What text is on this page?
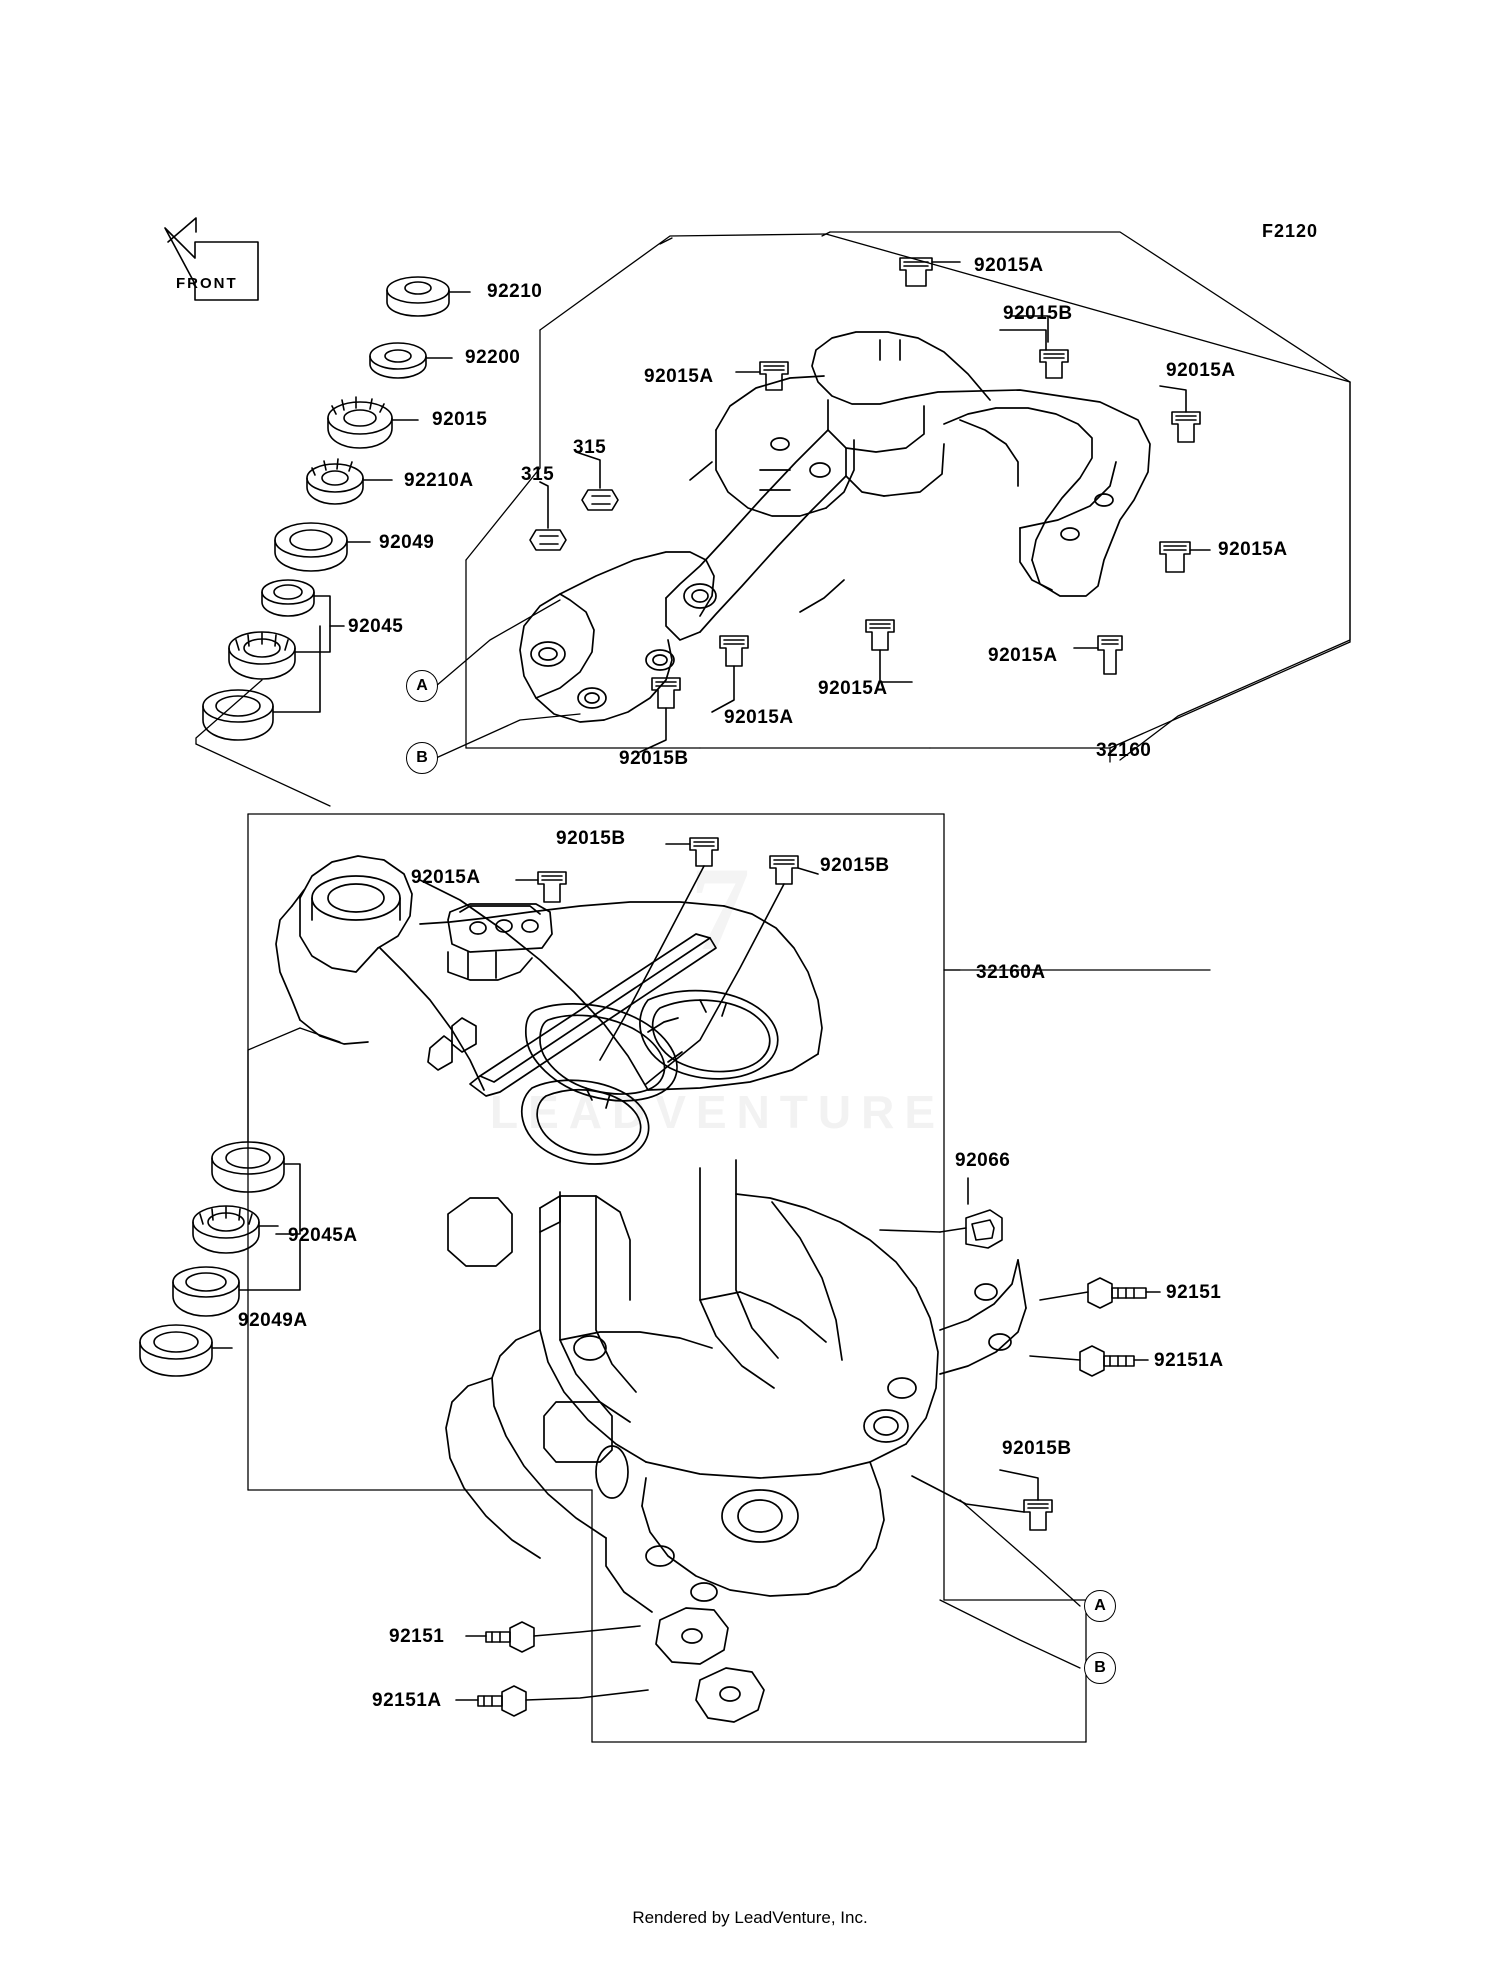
7
LEADVENTURE
F2120
FRONT
A
B
A
B
92210
92200
92015
92210A
92049
92045
315
315
92015A
92015A
92015B
92015A
92015A
92015A
92015A
92015A
92015B	32160
92015B
92015A
92015B
32160A
92066
92045A
92049A
92151
92151A
92015B
92151
92151A
Rendered by LeadVenture, Inc.
